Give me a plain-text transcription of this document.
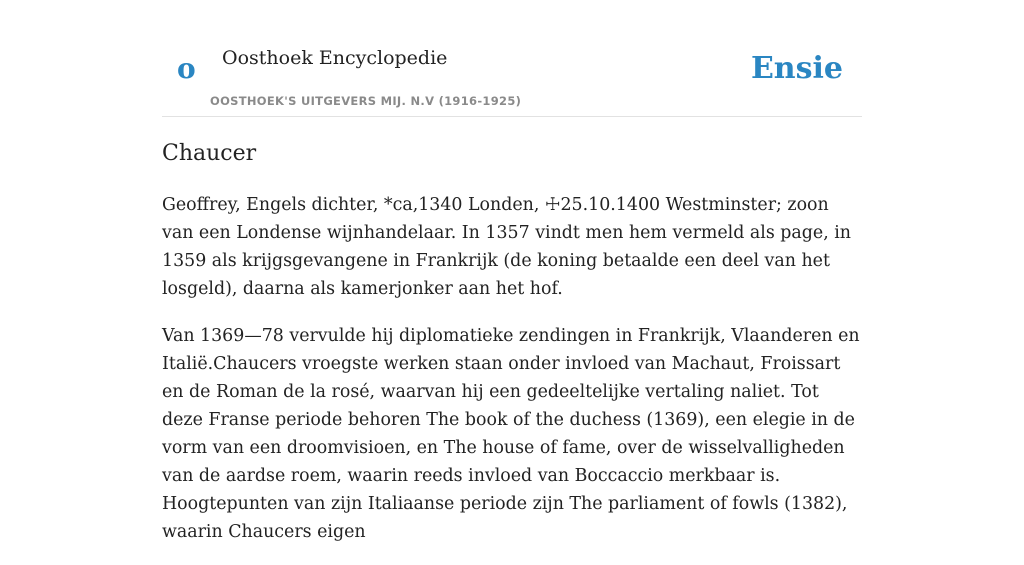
o Oosthoek Encyclopedie
OOSTHOEK'S UITGEVERS MIJ. N.V (1916-1925)
Ensie
Chaucer

Geoffrey, Engels dichter, *ca,1340 Londen, ☩25.10.1400 Westminster; zoon van een Londense wijnhandelaar. In 1357 vindt men hem vermeld als page, in 1359 als krijgsgevangene in Frankrijk (de koning betaalde een deel van het losgeld), daarna als kamerjonker aan het hof.

Van 1369—78 vervulde hij diplomatieke zendingen in Frankrijk, Vlaanderen en Italië.Chaucers vroegste werken staan onder invloed van Machaut, Froissart en de Roman de la rosé, waarvan hij een gedeeltelijke vertaling naliet. Tot deze Franse periode behoren The book of the duchess (1369), een elegie in de vorm van een droomvisioen, en The house of fame, over de wisselvalligheden van de aardse roem, waarin reeds invloed van Boccaccio merkbaar is. Hoogtepunten van zijn Italiaanse periode zijn The parliament of fowls (1382), waarin Chaucers eigen
